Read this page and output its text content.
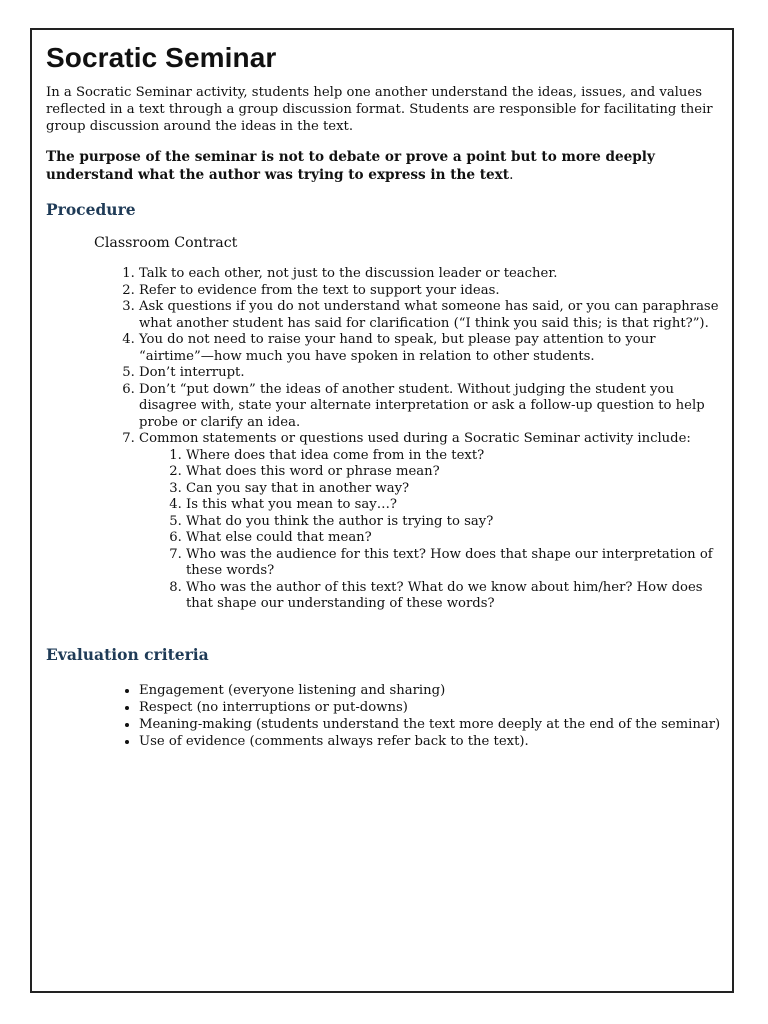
Socratic Seminar

In a Socratic Seminar activity, students help one another understand the ideas, issues, and values reflected in a text through a group discussion format. Students are responsible for facilitating their group discussion around the ideas in the text.

The purpose of the seminar is not to debate or prove a point but to more deeply understand what the author was trying to express in the text.

Procedure
Classroom Contract
1. Talk to each other, not just to the discussion leader or teacher.
2. Refer to evidence from the text to support your ideas.
3. Ask questions if you do not understand what someone has said, or you can paraphrase what another student has said for clarification (“I think you said this; is that right?”).
4. You do not need to raise your hand to speak, but please pay attention to your “airtime”—how much you have spoken in relation to other students.
5. Don’t interrupt.
6. Don’t “put down” the ideas of another student. Without judging the student you disagree with, state your alternate interpretation or ask a follow-up question to help probe or clarify an idea.
7. Common statements or questions used during a Socratic Seminar activity include:
1. Where does that idea come from in the text?
2. What does this word or phrase mean?
3. Can you say that in another way?
4. Is this what you mean to say…?
5. What do you think the author is trying to say?
6. What else could that mean?
7. Who was the audience for this text? How does that shape our interpretation of these words?
8. Who was the author of this text? What do we know about him/her? How does that shape our understanding of these words?
Evaluation criteria
• Engagement (everyone listening and sharing)
• Respect (no interruptions or put-downs)
• Meaning-making (students understand the text more deeply at the end of the seminar)
• Use of evidence (comments always refer back to the text).
